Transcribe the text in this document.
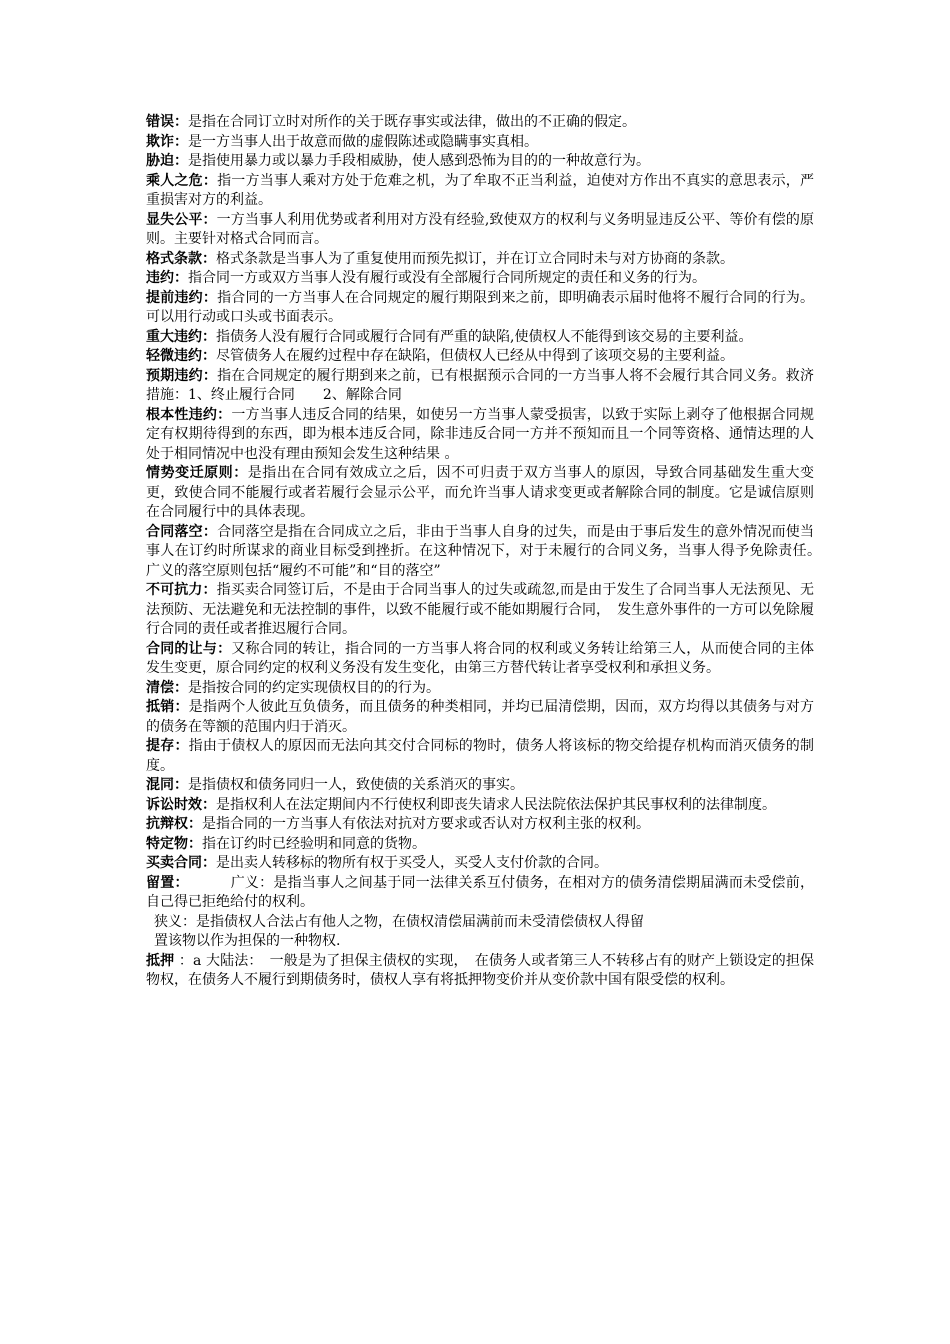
错误：是指在合同订立时对所作的关于既存事实或法律，做出的不正确的假定。
欺诈：是一方当事人出于故意而做的虚假陈述或隐瞒事实真相。
胁迫：是指使用暴力或以暴力手段相威胁，使人感到恐怖为目的的一种故意行为。
乘人之危：指一方当事人乘对方处于危难之机，为了牟取不正当利益，迫使对方作出不真实的意思表示，严重损害对方的利益。
显失公平：一方当事人利用优势或者利用对方没有经验,致使双方的权利与义务明显违反公平、等价有偿的原则。主要针对格式合同而言。
格式条款：格式条款是当事人为了重复使用而预先拟订，并在订立合同时未与对方协商的条款。
违约：指合同一方或双方当事人没有履行或没有全部履行合同所规定的责任和义务的行为。
提前违约：指合同的一方当事人在合同规定的履行期限到来之前，即明确表示届时他将不履行合同的行为。可以用行动或口头或书面表示。
重大违约：指债务人没有履行合同或履行合同有严重的缺陷,使债权人不能得到该交易的主要利益。
轻微违约：尽管债务人在履约过程中存在缺陷，但债权人已经从中得到了该项交易的主要利益。
预期违约：指在合同规定的履行期到来之前，已有根据预示合同的一方当事人将不会履行其合同义务。救济措施：1、终止履行合同　　2、解除合同
根本性违约：一方当事人违反合同的结果，如使另一方当事人蒙受损害，以致于实际上剥夺了他根据合同规定有权期待得到的东西，即为根本违反合同，除非违反合同一方并不预知而且一个同等资格、通情达理的人处于相同情况中也没有理由预知会发生这种结果 。
情势变迁原则：是指出在合同有效成立之后，因不可归责于双方当事人的原因，导致合同基础发生重大变更，致使合同不能履行或者若履行会显示公平，而允许当事人请求变更或者解除合同的制度。它是诚信原则在合同履行中的具体表现。
合同落空：合同落空是指在合同成立之后，非由于当事人自身的过失，而是由于事后发生的意外情况而使当事人在订约时所谋求的商业目标受到挫折。在这种情况下，对于未履行的合同义务，当事人得予免除责任。　广义的落空原则包括“履约不可能”和“目的落空”
不可抗力：指买卖合同签订后，不是由于合同当事人的过失或疏忽,而是由于发生了合同当事人无法预见、无法预防、无法避免和无法控制的事件，以致不能履行或不能如期履行合同，　发生意外事件的一方可以免除履行合同的责任或者推迟履行合同。
合同的让与：又称合同的转让，指合同的一方当事人将合同的权利或义务转让给第三人，从而使合同的主体发生变更，原合同约定的权利义务没有发生变化，由第三方替代转让者享受权利和承担义务。
清偿：是指按合同的约定实现债权目的的行为。
抵销：是指两个人彼此互负债务，而且债务的种类相同，并均已届清偿期，因而，双方均得以其债务与对方的债务在等额的范围内归于消灭。
提存：指由于债权人的原因而无法向其交付合同标的物时，债务人将该标的物交给提存机构而消灭债务的制度。
混同：是指债权和债务同归一人，致使债的关系消灭的事实。
诉讼时效：是指权利人在法定期间内不行使权利即丧失请求人民法院依法保护其民事权利的法律制度。
抗辩权：是指合同的一方当事人有依法对抗对方要求或否认对方权利主张的权利。
特定物：指在订约时已经验明和同意的货物。
买卖合同：是出卖人转移标的物所有权于买受人，买受人支付价款的合同。
留置：	广义：是指当事人之间基于同一法律关系互付债务，在相对方的债务清偿期届满而未受偿前，自己得已拒绝给付的权利。
狭义：是指债权人合法占有他人之物，在债权清偿届满前而未受清偿债权人得留置该物以作为担保的一种物权.
抵押 ：a 大陆法：　一般是为了担保主债权的实现，　在债务人或者第三人不转移占有的财产上锁设定的担保物权，在债务人不履行到期债务时，债权人享有将抵押物变价并从变价款中国有限受偿的权利。
